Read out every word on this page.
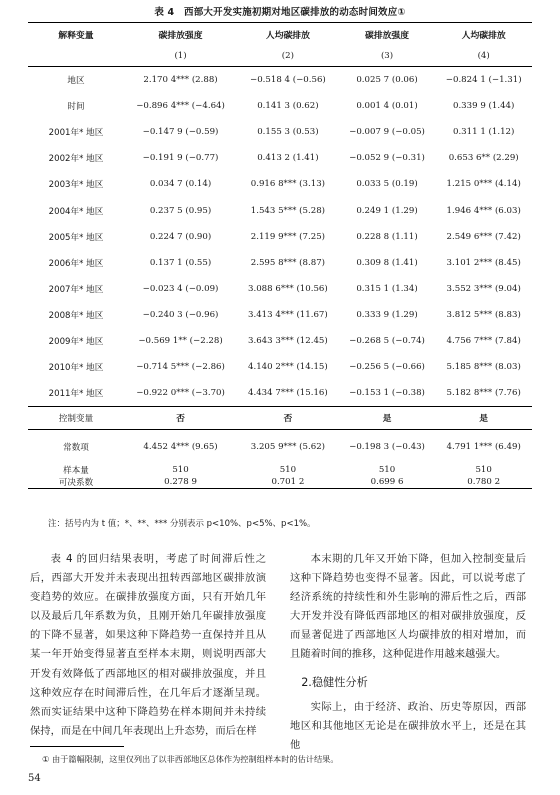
表 4　西部大开发实施初期对地区碳排放的动态时间效应①
解释变量	碳排放强度	人均碳排放	碳排放强度	人均碳排放
	(1)	(2)	(3)	(4)
地区	2.170 4*** (2.88)	−0.518 4 (−0.56)	0.025 7 (0.06)	−0.824 1 (−1.31)
时间	−0.896 4*** (−4.64)	0.141 3 (0.62)	0.001 4 (0.01)	0.339 9 (1.44)
2001年* 地区	−0.147 9 (−0.59)	0.155 3 (0.53)	−0.007 9 (−0.05)	0.311 1 (1.12)
2002年* 地区	−0.191 9 (−0.77)	0.413 2 (1.41)	−0.052 9 (−0.31)	0.653 6** (2.29)
2003年* 地区	0.034 7 (0.14)	0.916 8*** (3.13)	0.033 5 (0.19)	1.215 0*** (4.14)
2004年* 地区	0.237 5 (0.95)	1.543 5*** (5.28)	0.249 1 (1.29)	1.946 4*** (6.03)
2005年* 地区	0.224 7 (0.90)	2.119 9*** (7.25)	0.228 8 (1.11)	2.549 6*** (7.42)
2006年* 地区	0.137 1 (0.55)	2.595 8*** (8.87)	0.309 8 (1.41)	3.101 2*** (8.45)
2007年* 地区	−0.023 4 (−0.09)	3.088 6*** (10.56)	0.315 1 (1.34)	3.552 3*** (9.04)
2008年* 地区	−0.240 3 (−0.96)	3.413 4*** (11.67)	0.333 9 (1.29)	3.812 5*** (8.83)
2009年* 地区	−0.569 1** (−2.28)	3.643 3*** (12.45)	−0.268 5 (−0.74)	4.756 7*** (7.84)
2010年* 地区	−0.714 5*** (−2.86)	4.140 2*** (14.15)	−0.256 5 (−0.66)	5.185 8*** (8.03)
2011年* 地区	−0.922 0*** (−3.70)	4.434 7*** (15.16)	−0.153 1 (−0.38)	5.182 8*** (7.76)
控制变量	否	否	是	是
常数项	4.452 4*** (9.65)	3.205 9*** (5.62)	−0.198 3 (−0.43)	4.791 1*** (6.49)
样本量	510	510	510	510
可决系数	0.278 9	0.701 2	0.699 6	0.780 2
注：括号内为 t 值；*、**、*** 分别表示 p<10%、p<5%、p<1%。

表 4 的回归结果表明，考虑了时间滞后性之后，西部大开发并未表现出扭转西部地区碳排放演变趋势的效应。在碳排放强度方面，只有开始几年以及最后几年系数为负，且刚开始几年碳排放强度的下降不显著，如果这种下降趋势一直保持并且从某一年开始变得显著直至样本末期，则说明西部大开发有效降低了西部地区的相对碳排放强度，并且这种效应存在时间滞后性，在几年后才逐渐呈现。然而实证结果中这种下降趋势在样本期间并未持续保持，而是在中间几年表现出上升态势，而后在样

本末期的几年又开始下降，但加入控制变量后这种下降趋势也变得不显著。因此，可以说考虑了经济系统的持续性和外生影响的滞后性之后，西部大开发并没有降低西部地区的相对碳排放强度，反而显著促进了西部地区人均碳排放的相对增加，而且随着时间的推移，这种促进作用越来越强大。

2.稳健性分析

实际上，由于经济、政治、历史等原因，西部地区和其他地区无论是在碳排放水平上，还是在其他

① 由于篇幅限制，这里仅列出了以非西部地区总体作为控制组样本时的估计结果。
54
